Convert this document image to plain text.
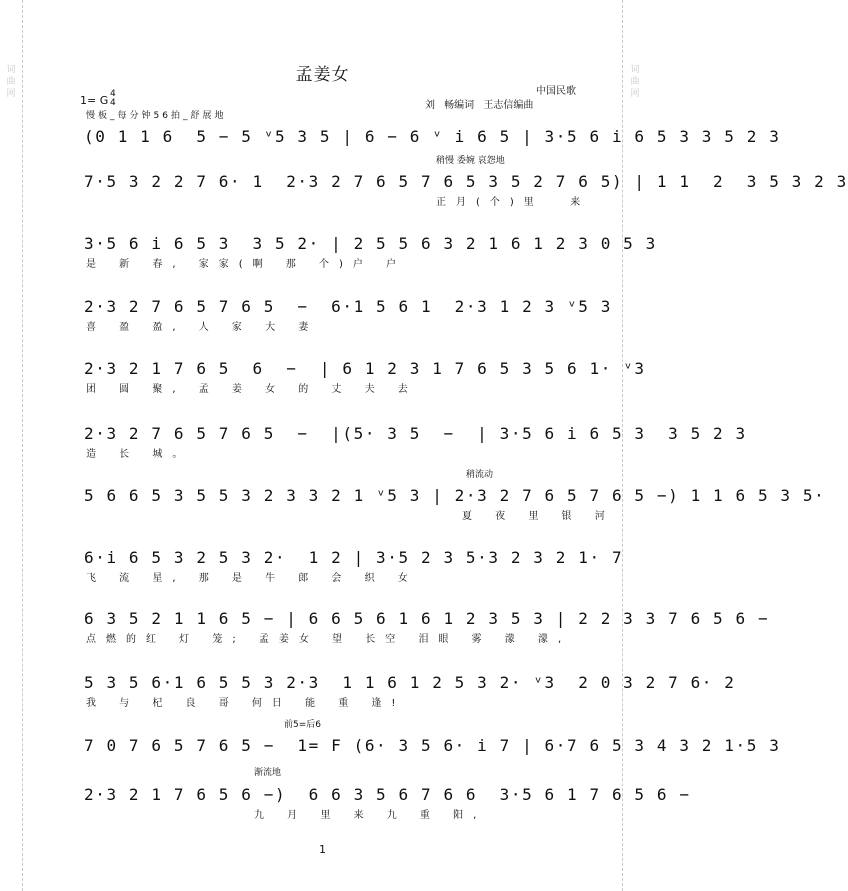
词
曲
网
词
曲
网
孟姜女
中国民歌
刘 畅编词 王志信编曲
1= G 4
4
慢板_每分钟56拍_舒展地
(0 1 1 6  5 − 5 ᵛ5 3 5 | 6 − 6 ᵛ i 6 5 | 3·5 6 i 6 5 3 3 5 2 3
稍慢 委婉 哀怨地
7·5 3 2 2 7 6· 1  2·3 2 7 6 5 7 6 5 3 5 2 7 6 5) | 1 1  2  3 5 3 2 3
正月(个)里  来
3·5 6 i 6 5 3  3 5 2· | 2 5 5 6 3 2 1 6 1 2 3 0 5 3
是 新 春, 家家(啊 那 个)户 户
2·3 2 7 6 5 7 6 5  −  6·1 5 6 1  2·3 1 2 3 ᵛ5 3
喜 盈 盈, 人 家 大 妻
2·3 2 1 7 6 5  6  −  | 6 1 2 3 1 7 6 5 3 5 6 1· ᵛ3
团 圆 聚, 孟 姜 女 的 丈 夫 去
2·3 2 7 6 5 7 6 5  −  |(5· 3 5  −  | 3·5 6 i 6 5 3  3 5 2 3
造 长 城。
稍流动
5 6 6 5 3 5 5 3 2 3 3 2 1 ᵛ5 3 | 2·3 2 7 6 5 7 6 5 −) 1 1 6 5 3 5·
夏 夜 里 银 河
6·i 6 5 3 2 5 3 2·  1 2 | 3·5 2 3 5·3 2 3 2 1· 7
飞 流 星, 那 是 牛 郎 会 织 女
6 3 5 2 1 1 6 5 − | 6 6 5 6 1 6 1 2 3 5 3 | 2 2 3 3 7 6 5 6 −
点燃的红 灯 笼; 孟姜女 望 长空 泪眼 雾 濛 濛,
5 3 5 6·1 6 5 5 3 2·3  1 1 6 1 2 5 3 2· ᵛ3  2 0 3 2 7 6· 2
我 与 杞 良 哥 何日 能 重 逢!
前5=后6
7 0 7 6 5 7 6 5 −  1= F (6· 3 5 6· i 7 | 6·7 6 5 3 4 3 2 1·5 3
渐流地
2·3 2 1 7 6 5 6 −)  6 6 3 5 6 7 6 6  3·5 6 1 7 6 5 6 −
九 月 里 来 九 重 阳,
1
